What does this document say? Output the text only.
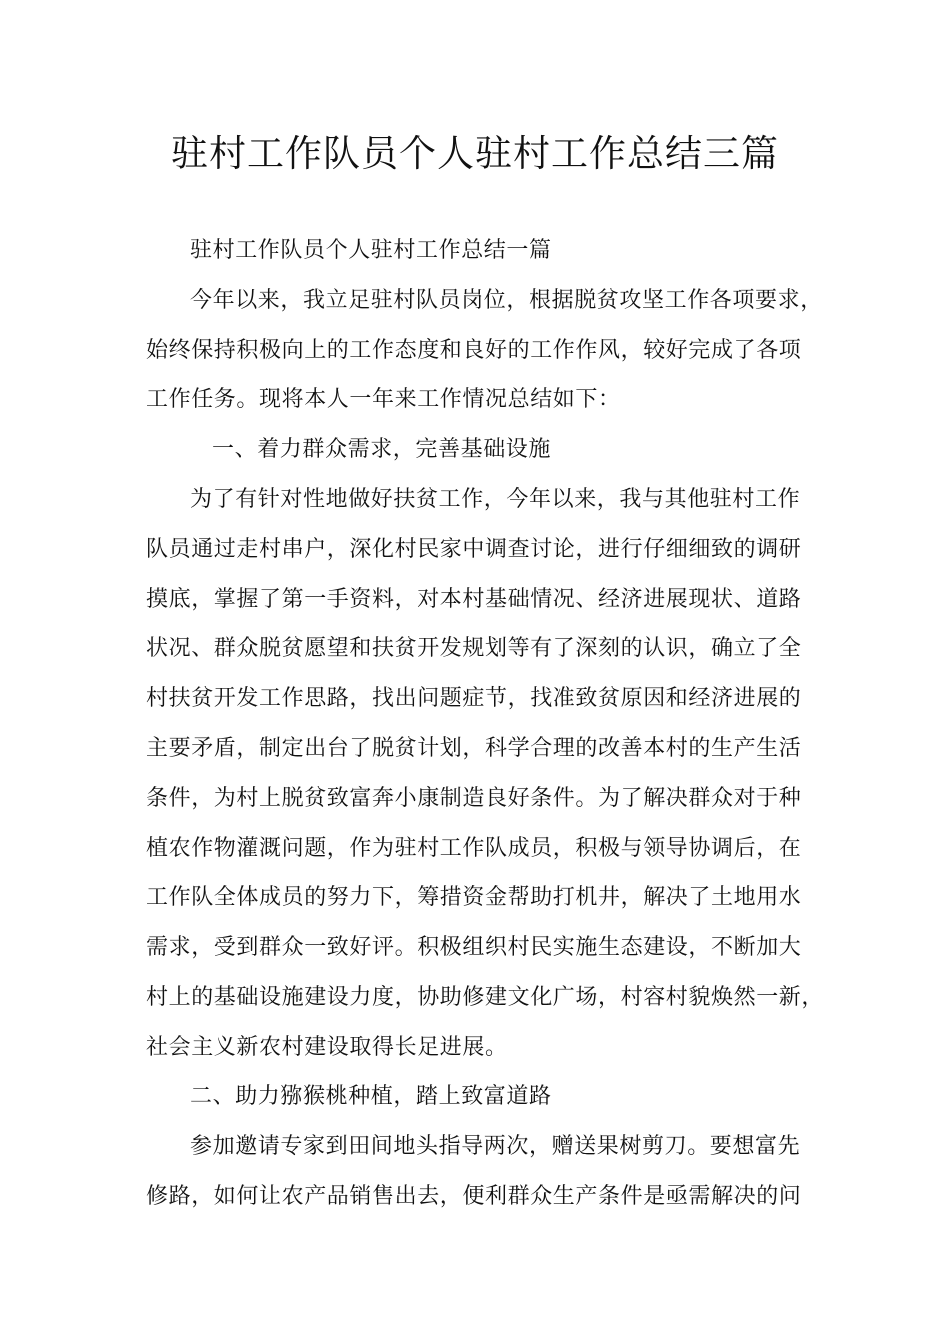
驻村工作队员个人驻村工作总结三篇
驻村工作队员个人驻村工作总结一篇
今年以来，我立足驻村队员岗位，根据脱贫攻坚工作各项要求，
始终保持积极向上的工作态度和良好的工作作风，较好完成了各项
工作任务。现将本人一年来工作情况总结如下：
一、着力群众需求，完善基础设施
为了有针对性地做好扶贫工作，今年以来，我与其他驻村工作
队员通过走村串户，深化村民家中调查讨论，进行仔细细致的调研
摸底，掌握了第一手资料，对本村基础情况、经济进展现状、道路
状况、群众脱贫愿望和扶贫开发规划等有了深刻的认识，确立了全
村扶贫开发工作思路，找出问题症节，找准致贫原因和经济进展的
主要矛盾，制定出台了脱贫计划，科学合理的改善本村的生产生活
条件，为村上脱贫致富奔小康制造良好条件。为了解决群众对于种
植农作物灌溉问题，作为驻村工作队成员，积极与领导协调后，在
工作队全体成员的努力下，筹措资金帮助打机井，解决了土地用水
需求，受到群众一致好评。积极组织村民实施生态建设，不断加大
村上的基础设施建设力度，协助修建文化广场，村容村貌焕然一新，
社会主义新农村建设取得长足进展。
二、助力猕猴桃种植，踏上致富道路
参加邀请专家到田间地头指导两次，赠送果树剪刀。要想富先
修路，如何让农产品销售出去，便利群众生产条件是亟需解决的问
